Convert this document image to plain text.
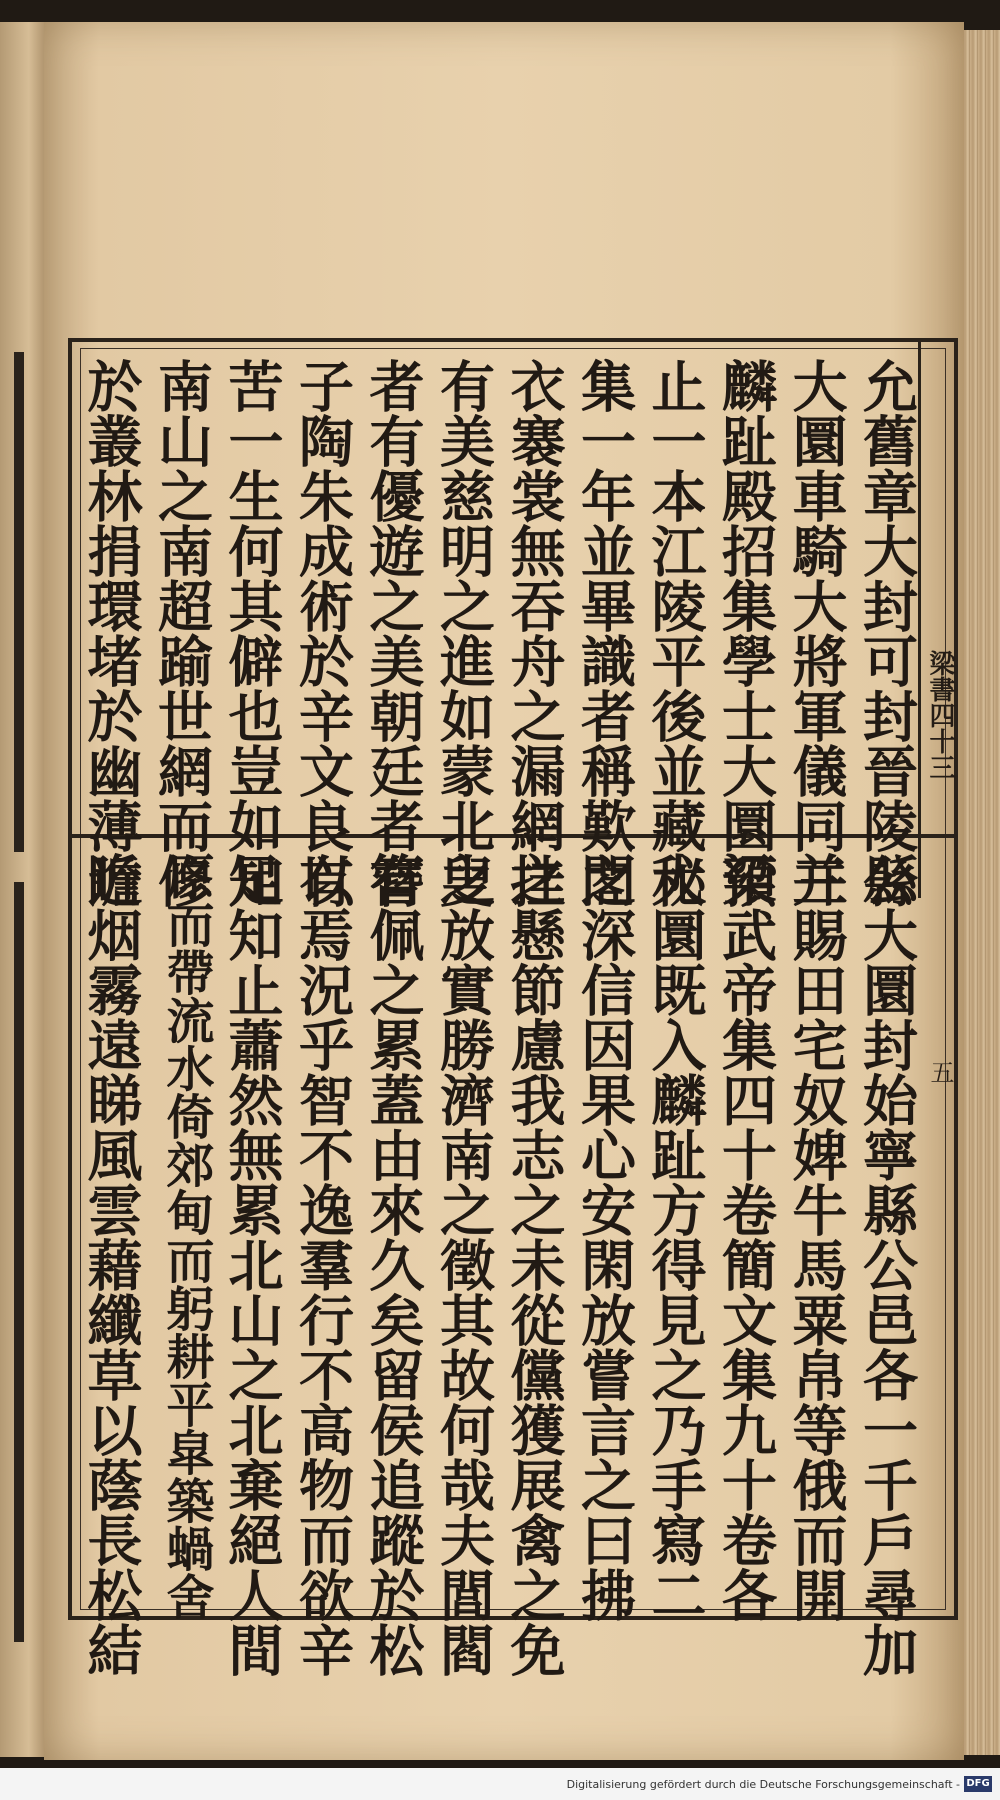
梁書四十三
五
允舊章大封可封晉陵縣
大圜車騎大將軍儀同三
麟趾殿招集學士大圜預
止一本江陵平後並藏秘
集一年並畢識者稱歎之
衣褰裳無吞舟之漏網挂
有美慈明之進如蒙北叟
者有優遊之美朝廷者有
子陶朱成術於辛文良有
苦一生何其僻也豈如知
南山之南超踰世網而修
於叢林捐環堵於幽薄近
公大圜封始寧縣公邑各一千戶尋加
并賜田宅奴婢牛馬粟帛等俄而開
梁武帝集四十卷簡文集九十卷各
大圜既入麟趾方得見之乃手寫二
閣深信因果心安閑放嘗言之曰拂
之懸節慮我志之未從儻獲展禽之免
之放實勝濟南之徵其故何哉夫閭閻
簪佩之累蓋由來久矣留侯追蹤於松
以焉況乎智不逸羣行不高物而欲辛
足知止蕭然無累北山之北棄絕人間
原而帶流水倚郊甸而躬耕平皐築蝸舍
瞻烟霧遠睇風雲藉纖草以蔭長松結
Digitalisierung gefördert durch die Deutsche Forschungsgemeinschaft - DFG
